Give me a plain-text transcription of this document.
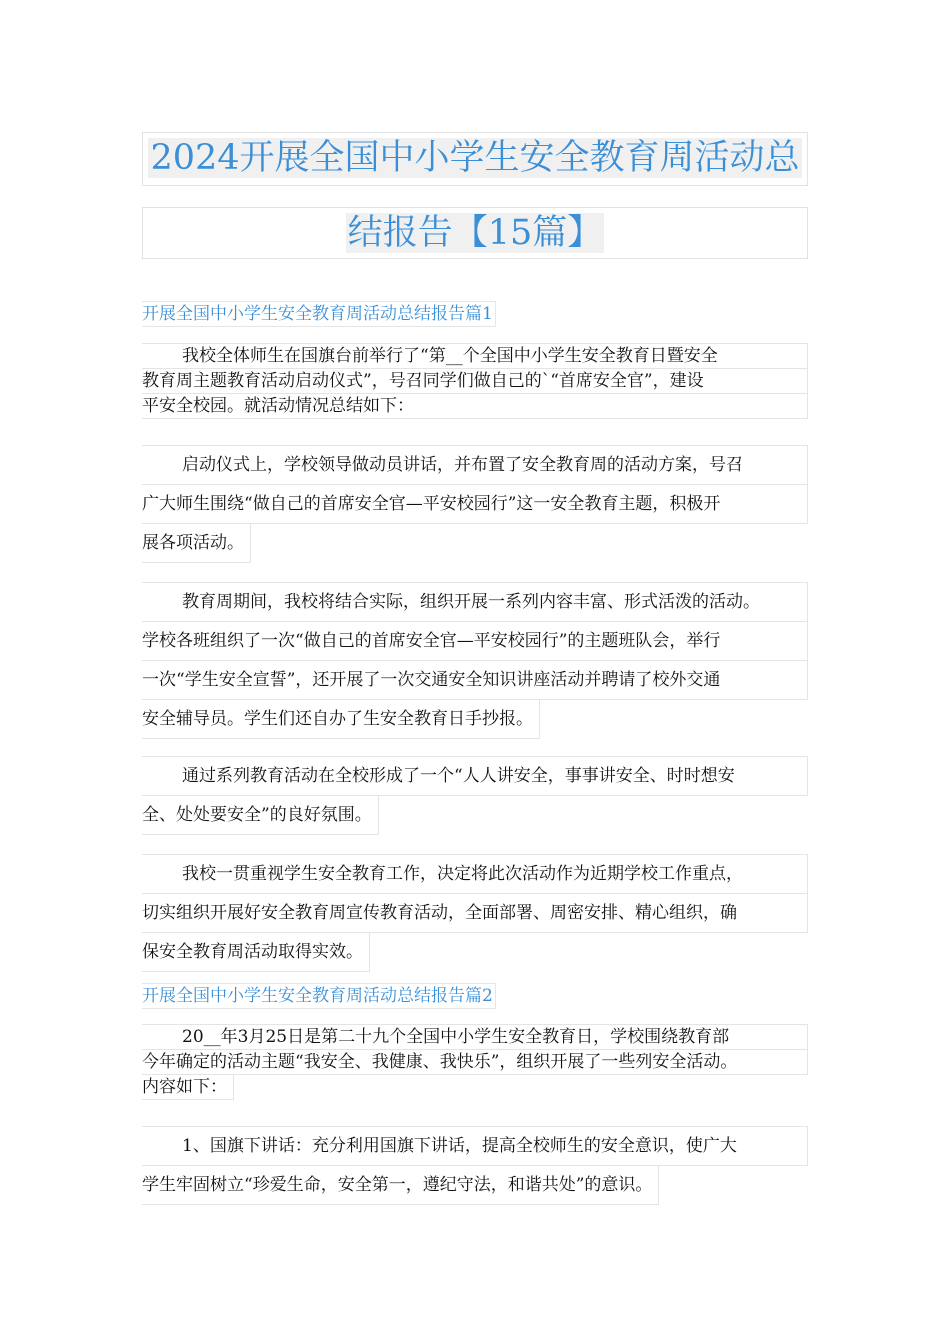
2024开展全国中小学生安全教育周活动总
结报告【15篇】
开展全国中小学生安全教育周活动总结报告篇1
我校全体师生在国旗台前举行了“第__个全国中小学生安全教育日暨安全
教育周主题教育活动启动仪式”，号召同学们做自己的`“首席安全官”，建设
平安全校园。就活动情况总结如下：
启动仪式上，学校领导做动员讲话，并布置了安全教育周的活动方案，号召
广大师生围绕“做自己的首席安全官—平安校园行”这一安全教育主题，积极开
展各项活动。
教育周期间，我校将结合实际，组织开展一系列内容丰富、形式活泼的活动。
学校各班组织了一次“做自己的首席安全官—平安校园行”的主题班队会，举行
一次“学生安全宣誓”，还开展了一次交通安全知识讲座活动并聘请了校外交通
安全辅导员。学生们还自办了生安全教育日手抄报。
通过系列教育活动在全校形成了一个“人人讲安全，事事讲安全、时时想安
全、处处要安全”的良好氛围。
我校一贯重视学生安全教育工作，决定将此次活动作为近期学校工作重点，
切实组织开展好安全教育周宣传教育活动，全面部署、周密安排、精心组织，确
保安全教育周活动取得实效。
开展全国中小学生安全教育周活动总结报告篇2
20__年3月25日是第二十九个全国中小学生安全教育日，学校围绕教育部
今年确定的活动主题“我安全、我健康、我快乐”，组织开展了一些列安全活动。
内容如下：
1、国旗下讲话：充分利用国旗下讲话，提高全校师生的安全意识，使广大
学生牢固树立“珍爱生命，安全第一，遵纪守法，和谐共处”的意识。
